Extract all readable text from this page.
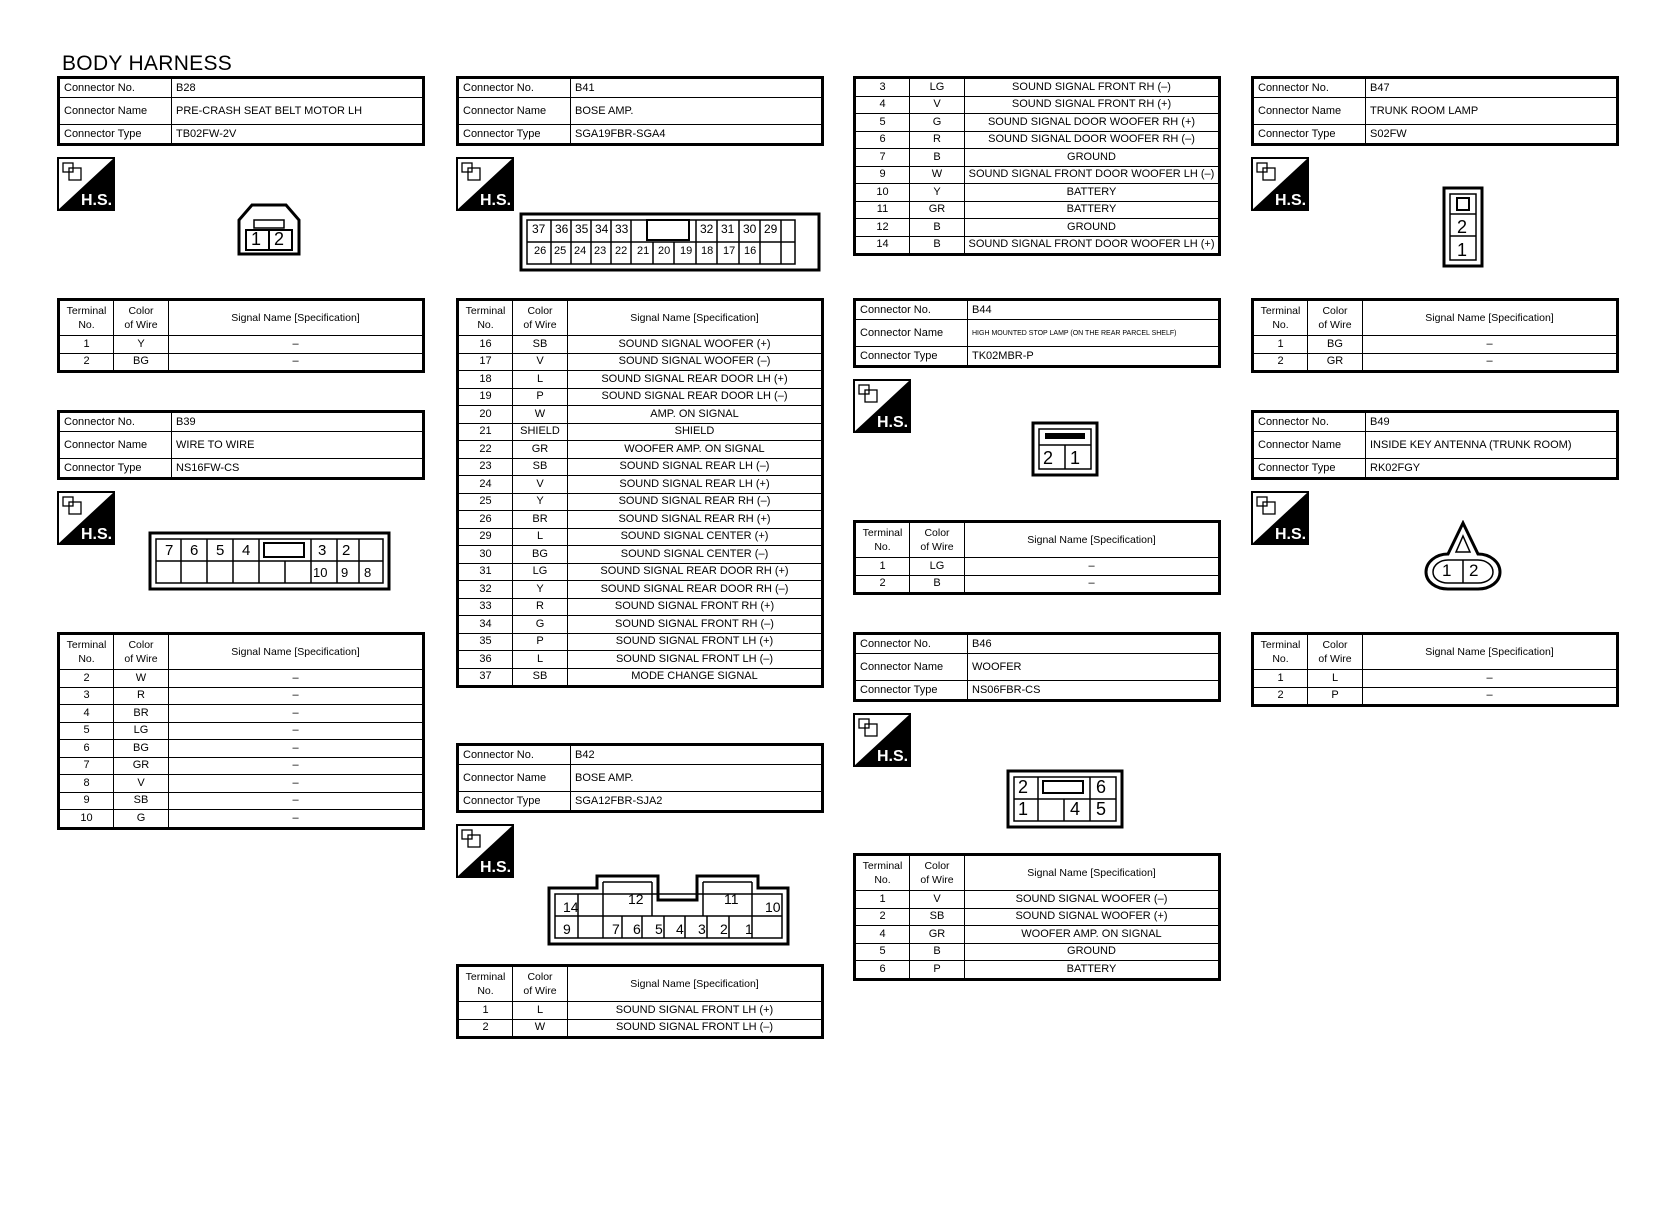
BODY HARNESS
Connector No.	B28
Connector Name	PRE-CRASH SEAT BELT MOTOR LH
Connector Type	TB02FW-2V
H.S.
1 2
Terminal
No.	Color
of Wire	Signal Name [Specification]
1	Y	–
2	BG	–
Connector No.	B39
Connector Name	WIRE TO WIRE
Connector Type	NS16FW-CS
H.S.
7 6 5 4	3 2
10 9 8
Terminal
No.	Color
of Wire	Signal Name [Specification]
2	W	–
3	R	–
4	BR	–
5	LG	–
6	BG	–
7	GR	–
8	V	–
9	SB	–
10	G	–
Connector No.	B41
Connector Name	BOSE AMP.
Connector Type	SGA19FBR-SGA4
H.S.
37 36 35 34 33	32 31 30 29
26 25 24 23 22 21 20 19 18 17 16
Terminal
No.	Color
of Wire	Signal Name [Specification]
16	SB	SOUND SIGNAL WOOFER (+)
17	V	SOUND SIGNAL WOOFER (–)
18	L	SOUND SIGNAL REAR DOOR LH (+)
19	P	SOUND SIGNAL REAR DOOR LH (–)
20	W	AMP. ON SIGNAL
21	SHIELD	SHIELD
22	GR	WOOFER AMP. ON SIGNAL
23	SB	SOUND SIGNAL REAR LH (–)
24	V	SOUND SIGNAL REAR LH (+)
25	Y	SOUND SIGNAL REAR RH (–)
26	BR	SOUND SIGNAL REAR RH (+)
29	L	SOUND SIGNAL CENTER (+)
30	BG	SOUND SIGNAL CENTER (–)
31	LG	SOUND SIGNAL REAR DOOR RH (+)
32	Y	SOUND SIGNAL REAR DOOR RH (–)
33	R	SOUND SIGNAL FRONT RH (+)
34	G	SOUND SIGNAL FRONT RH (–)
35	P	SOUND SIGNAL FRONT LH (+)
36	L	SOUND SIGNAL FRONT LH (–)
37	SB	MODE CHANGE SIGNAL
Connector No.	B42
Connector Name	BOSE AMP.
Connector Type	SGA12FBR-SJA2
H.S.
14	12	11 10
9	7 6 5 4 3 2 1
Terminal
No.	Color
of Wire	Signal Name [Specification]
1	L	SOUND SIGNAL FRONT LH (+)
2	W	SOUND SIGNAL FRONT LH (–)
3	LG	SOUND SIGNAL FRONT RH (–)
4	V	SOUND SIGNAL FRONT RH (+)
5	G	SOUND SIGNAL DOOR WOOFER RH (+)
6	R	SOUND SIGNAL DOOR WOOFER RH (–)
7	B	GROUND
9	W	SOUND SIGNAL FRONT DOOR WOOFER LH (–)
10	Y	BATTERY
11	GR	BATTERY
12	B	GROUND
14	B	SOUND SIGNAL FRONT DOOR WOOFER LH (+)
Connector No.	B44
Connector Name	HIGH MOUNTED STOP LAMP (ON THE REAR PARCEL SHELF)
Connector Type	TK02MBR-P
H.S.
2 1
Terminal
No.	Color
of Wire	Signal Name [Specification]
1	LG	–
2	B	–
Connector No.	B46
Connector Name	WOOFER
Connector Type	NS06FBR-CS
H.S.
2	6
1 4 5
Terminal
No.	Color
of Wire	Signal Name [Specification]
1	V	SOUND SIGNAL WOOFER (–)
2	SB	SOUND SIGNAL WOOFER (+)
4	GR	WOOFER AMP. ON SIGNAL
5	B	GROUND
6	P	BATTERY
Connector No.	B47
Connector Name	TRUNK ROOM LAMP
Connector Type	S02FW
H.S.
2
1
Terminal
No.	Color
of Wire	Signal Name [Specification]
1	BG	–
2	GR	–
Connector No.	B49
Connector Name	INSIDE KEY ANTENNA (TRUNK ROOM)
Connector Type	RK02FGY
H.S.
1 2
Terminal
No.	Color
of Wire	Signal Name [Specification]
1	L	–
2	P	–
